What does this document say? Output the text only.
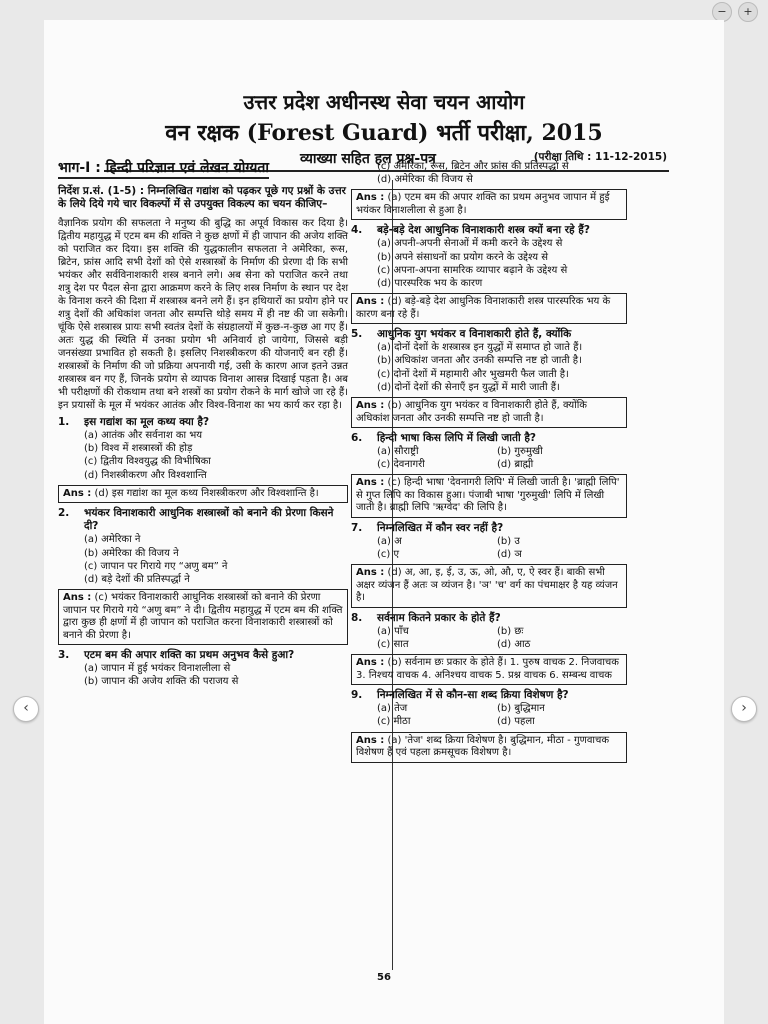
−	+
‹	›
उत्तर प्रदेश अधीनस्थ सेवा चयन आयोग
वन रक्षक (Forest Guard) भर्ती परीक्षा, 2015
व्याख्या सहित हल प्रश्न-पत्र	(परीक्षा तिथि : 11-12-2015)
56
भाग-I : हिन्दी परिज्ञान एवं लेखन योग्यता
निर्देश प्र.सं. (1-5) : निम्नलिखित गद्यांश को पढ़कर पूछे गए प्रश्नों के उत्तर के लिये दिये गये चार विकल्पों में से उपयुक्त विकल्प का चयन कीजिए–
वैज्ञानिक प्रयोग की सफलता ने मनुष्य की बुद्धि का अपूर्व विकास कर दिया है। द्वितीय महायुद्ध में एटम बम की शक्ति ने कुछ क्षणों में ही जापान की अजेय शक्ति को पराजित कर दिया। इस शक्ति की युद्धकालीन सफलता ने अमेरिका, रूस, ब्रिटेन, फ्रांस आदि सभी देशों को ऐसे शस्त्रास्त्रों के निर्माण की प्रेरणा दी कि सभी भयंकर और सर्वविनाशकारी शस्त्र बनाने लगे। अब सेना को पराजित करने तथा शत्रु देश पर पैदल सेना द्वारा आक्रमण करने के लिए शस्त्र निर्माण के स्थान पर देश के विनाश करने की दिशा में शस्त्रास्त्र बनने लगे हैं। इन हथियारों का प्रयोग होने पर शत्रु देशों की अधिकांश जनता और सम्पत्ति थोड़े समय में ही नष्ट की जा सकेगी। चूंकि ऐसे शस्त्रास्त्र प्रायः सभी स्वतंत्र देशों के संग्रहालयों में कुछ-न-कुछ आ गए हैं। अतः युद्ध की स्थिति में उनका प्रयोग भी अनिवार्य हो जायेगा, जिससे बड़ी जनसंख्या प्रभावित हो सकती है। इसलिए निशस्त्रीकरण की योजनाएँ बन रही हैं। शस्त्रास्त्रों के निर्माण की जो प्रक्रिया अपनायी गई, उसी के कारण आज इतने उन्नत शस्त्रास्त्र बन गए हैं, जिनके प्रयोग से व्यापक विनाश आसन्न दिखाई पड़ता है। अब भी परीक्षणों की रोकथाम तथा बने शस्त्रों का प्रयोग रोकने के मार्ग खोजे जा रहे हैं। इन प्रयासों के मूल में भयंकर आतंक और विश्व-विनाश का भय कार्य कर रहा है।
1.	इस गद्यांश का मूल कथ्य क्या है?
(a) आतंक और सर्वनाश का भय
(b) विश्व में शस्त्रास्त्रों की होड़
(c) द्वितीय विश्वयुद्ध की विभीषिका
(d) निशस्त्रीकरण और विश्वशान्ति
Ans : (d) इस गद्यांश का मूल कथ्य निशस्त्रीकरण और विश्वशान्ति है।
2.	भयंकर विनाशकारी आधुनिक शस्त्रास्त्रों को बनाने की प्रेरणा किसने दी?
(a) अमेरिका ने
(b) अमेरिका की विजय ने
(c) जापान पर गिराये गए “अणु बम” ने
(d) बड़े देशों की प्रतिस्पर्द्धा ने
Ans : (c) भयंकर विनाशकारी आधुनिक शस्त्रास्त्रों को बनाने की प्रेरणा जापान पर गिराये गये “अणु बम” ने दी। द्वितीय महायुद्ध में एटम बम की शक्ति द्वारा कुछ ही क्षणों में ही जापान को पराजित करना विनाशकारी शस्त्रास्त्रों को बनाने की प्रेरणा है।
3.	एटम बम की अपार शक्ति का प्रथम अनुभव कैसे हुआ?
(a) जापान में हुई भयंकर विनाशलीला से
(b) जापान की अजेय शक्ति की पराजय से
(c) अमेरिका, रूस, ब्रिटेन और फ्रांस की प्रतिस्पर्द्धा से
(d) अमेरिका की विजय से
Ans : (a) एटम बम की अपार शक्ति का प्रथम अनुभव जापान में हुई भयंकर विनाशलीला से हुआ है।
4.	बड़े-बड़े देश आधुनिक विनाशकारी शस्त्र क्यों बना रहे हैं?
(a) अपनी-अपनी सेनाओं में कमी करने के उद्देश्य से
(b) अपने संसाधनों का प्रयोग करने के उद्देश्य से
(c) अपना-अपना सामरिक व्यापार बढ़ाने के उद्देश्य से
(d) पारस्परिक भय के कारण
Ans : (d) बड़े-बड़े देश आधुनिक विनाशकारी शस्त्र पारस्परिक भय के कारण बना रहे हैं।
5.	आधुनिक युग भयंकर व विनाशकारी होते हैं, क्योंकि
(a) दोनों देशों के शस्त्रास्त्र इन युद्धों में समाप्त हो जाते हैं।
(b) अधिकांश जनता और उनकी सम्पत्ति नष्ट हो जाती है।
(c) दोनों देशों में महामारी और भुखमरी फैल जाती है।
(d) दोनों देशों की सेनाएँ इन युद्धों में मारी जाती हैं।
Ans : (b) आधुनिक युग भयंकर व विनाशकारी होते हैं, क्योंकि अधिकांश जनता और उनकी सम्पत्ति नष्ट हो जाती है।
6.	हिन्दी भाषा किस लिपि में लिखी जाती है?
(a) सौराष्ट्री	(b) गुरुमुखी
(c) देवनागरी	(d) ब्राह्मी
Ans : (c) हिन्दी भाषा 'देवनागरी लिपि' में लिखी जाती है। 'ब्राह्मी लिपि' से गुप्त लिपि का विकास हुआ। पंजाबी भाषा 'गुरुमुखी' लिपि में लिखी जाती है। ब्राह्मी लिपि 'ऋग्वेद' की लिपि है।
7.	निम्नलिखित में कौन स्वर नहीं है?
(a) अ	(b) उ
(c) ए	(d) ञ
Ans : (d) अ, आ, इ, ई, उ, ऊ, ओ, औ, ए, ऐ स्वर हैं। बाकी सभी अक्षर व्यंजन हैं अतः ञ व्यंजन है। 'ञ' 'च' वर्ग का पंचमाक्षर है यह व्यंजन है।
8.	सर्वनाम कितने प्रकार के होते हैं?
(a) पाँच	(b) छः
(c) सात	(d) आठ
Ans : (b) सर्वनाम छः प्रकार के होते हैं। 1. पुरुष वाचक 2. निजवाचक 3. निश्चय वाचक 4. अनिश्चय वाचक 5. प्रश्न वाचक 6. सम्बन्ध वाचक
9.	निम्नलिखित में से कौन-सा शब्द क्रिया विशेषण है?
(a) तेज	(b) बुद्धिमान
(c) मीठा	(d) पहला
Ans : (a) 'तेज' शब्द क्रिया विशेषण है। बुद्धिमान, मीठा - गुणवाचक विशेषण हैं एवं पहला क्रमसूचक विशेषण है।
